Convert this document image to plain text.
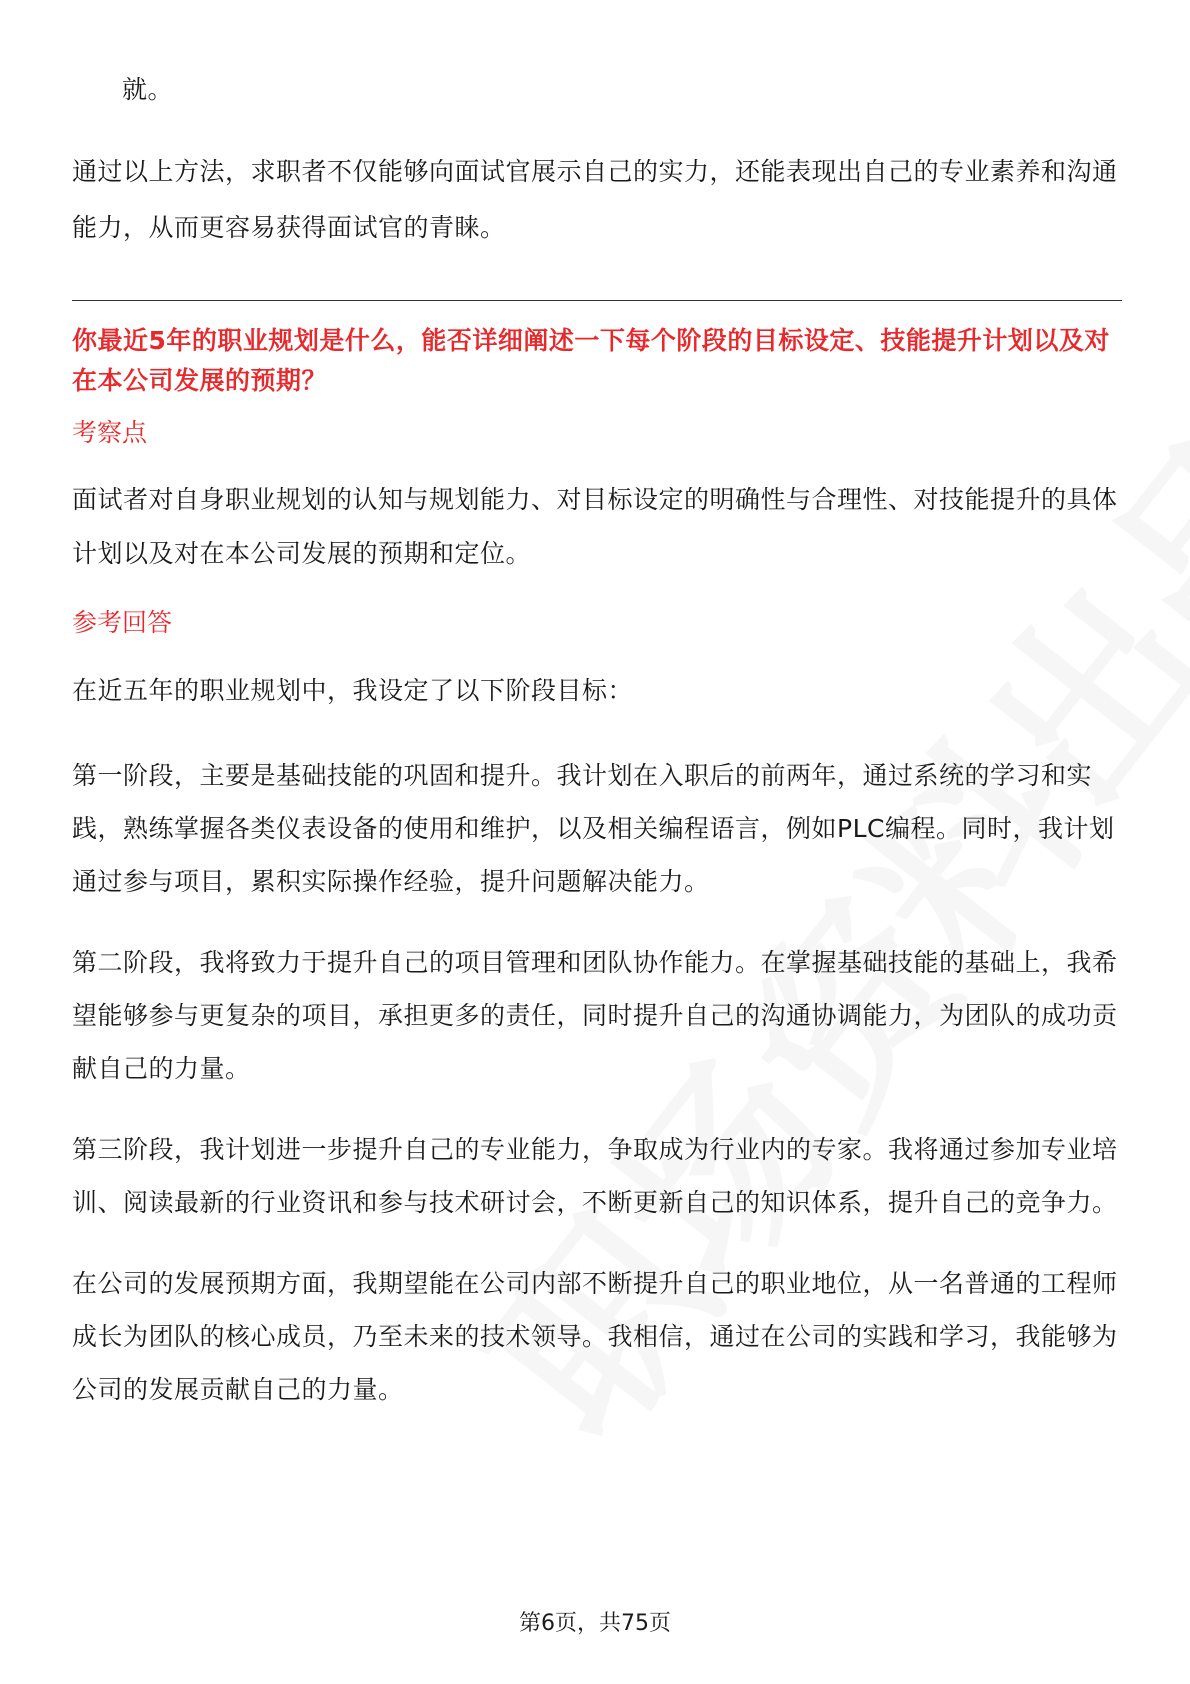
就。

通过以上方法，求职者不仅能够向面试官展示自己的实力，还能表现出自己的专业素养和沟通能力，从而更容易获得面试官的青睐。

你最近5年的职业规划是什么，能否详细阐述一下每个阶段的目标设定、技能提升计划以及对在本公司发展的预期？

考察点

面试者对自身职业规划的认知与规划能力、对目标设定的明确性与合理性、对技能提升的具体计划以及对在本公司发展的预期和定位。

参考回答

在近五年的职业规划中，我设定了以下阶段目标：

第一阶段，主要是基础技能的巩固和提升。我计划在入职后的前两年，通过系统的学习和实践，熟练掌握各类仪表设备的使用和维护，以及相关编程语言，例如PLC编程。同时，我计划通过参与项目，累积实际操作经验，提升问题解决能力。

第二阶段，我将致力于提升自己的项目管理和团队协作能力。在掌握基础技能的基础上，我希望能够参与更复杂的项目，承担更多的责任，同时提升自己的沟通协调能力，为团队的成功贡献自己的力量。

第三阶段，我计划进一步提升自己的专业能力，争取成为行业内的专家。我将通过参加专业培训、阅读最新的行业资讯和参与技术研讨会，不断更新自己的知识体系，提升自己的竞争力。

在公司的发展预期方面，我期望能在公司内部不断提升自己的职业地位，从一名普通的工程师成长为团队的核心成员，乃至未来的技术领导。我相信，通过在公司的实践和学习，我能够为公司的发展贡献自己的力量。

第6页，共75页
